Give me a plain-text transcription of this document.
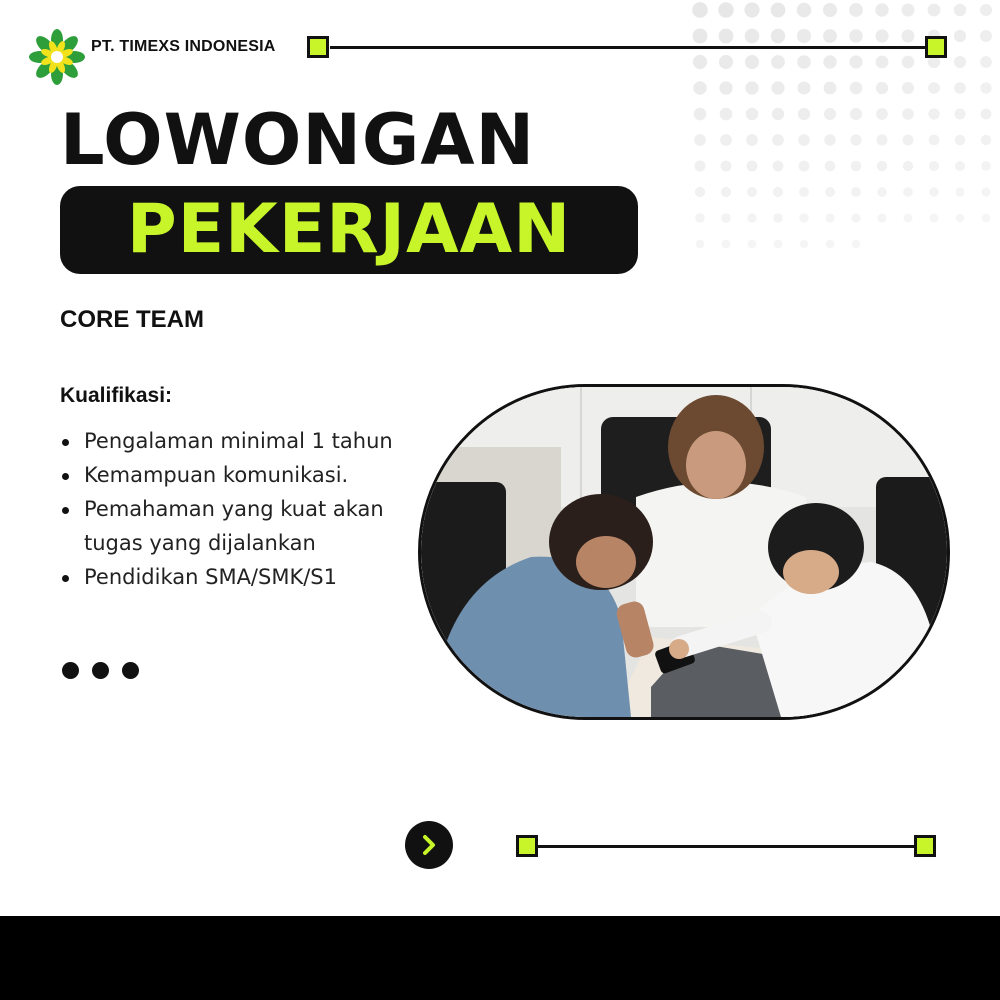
PT. TIMEXS INDONESIA
LOWONGAN
PEKERJAAN
CORE TEAM
Kualifikasi:
Pengalaman minimal 1 tahun
Kemampuan komunikasi.
Pemahaman yang kuat akan tugas yang dijalankan
Pendidikan SMA/SMK/S1
